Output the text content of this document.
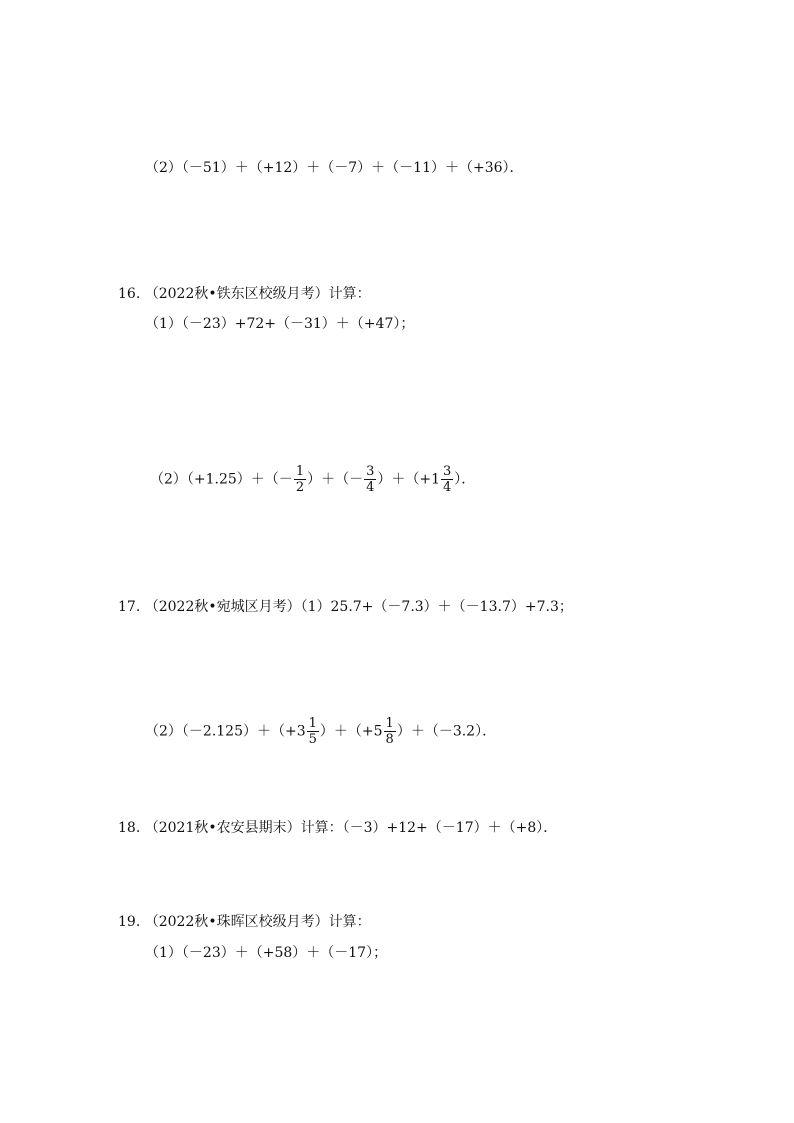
（2）（－51）＋（+12）＋（－7）＋（－11）＋（+36）．
16. （2022秋•铁东区校级月考）计算：
（1）（－23）+72+（－31）＋（+47）；
$(2)(+1.25)+(- \frac{1}{2}$ ）＋（－ $\frac{3}{4} )+(+1 \frac{3}{4}$ ）．
17. （2022秋•宛城区月考）（1）25.7+（－7.3）＋（－13.7）+7.3；
$(2)(-2.125)+(+3 \frac{1}{5} )+(+5 \frac{1}{8} )+(-3.2)$．
18. （2021秋•农安县期末）计算：（－3）+12+（－17）＋（+8）．
19. （2022秋•珠晖区校级月考）计算：
（1）（－23）＋（+58）＋（－17）；
